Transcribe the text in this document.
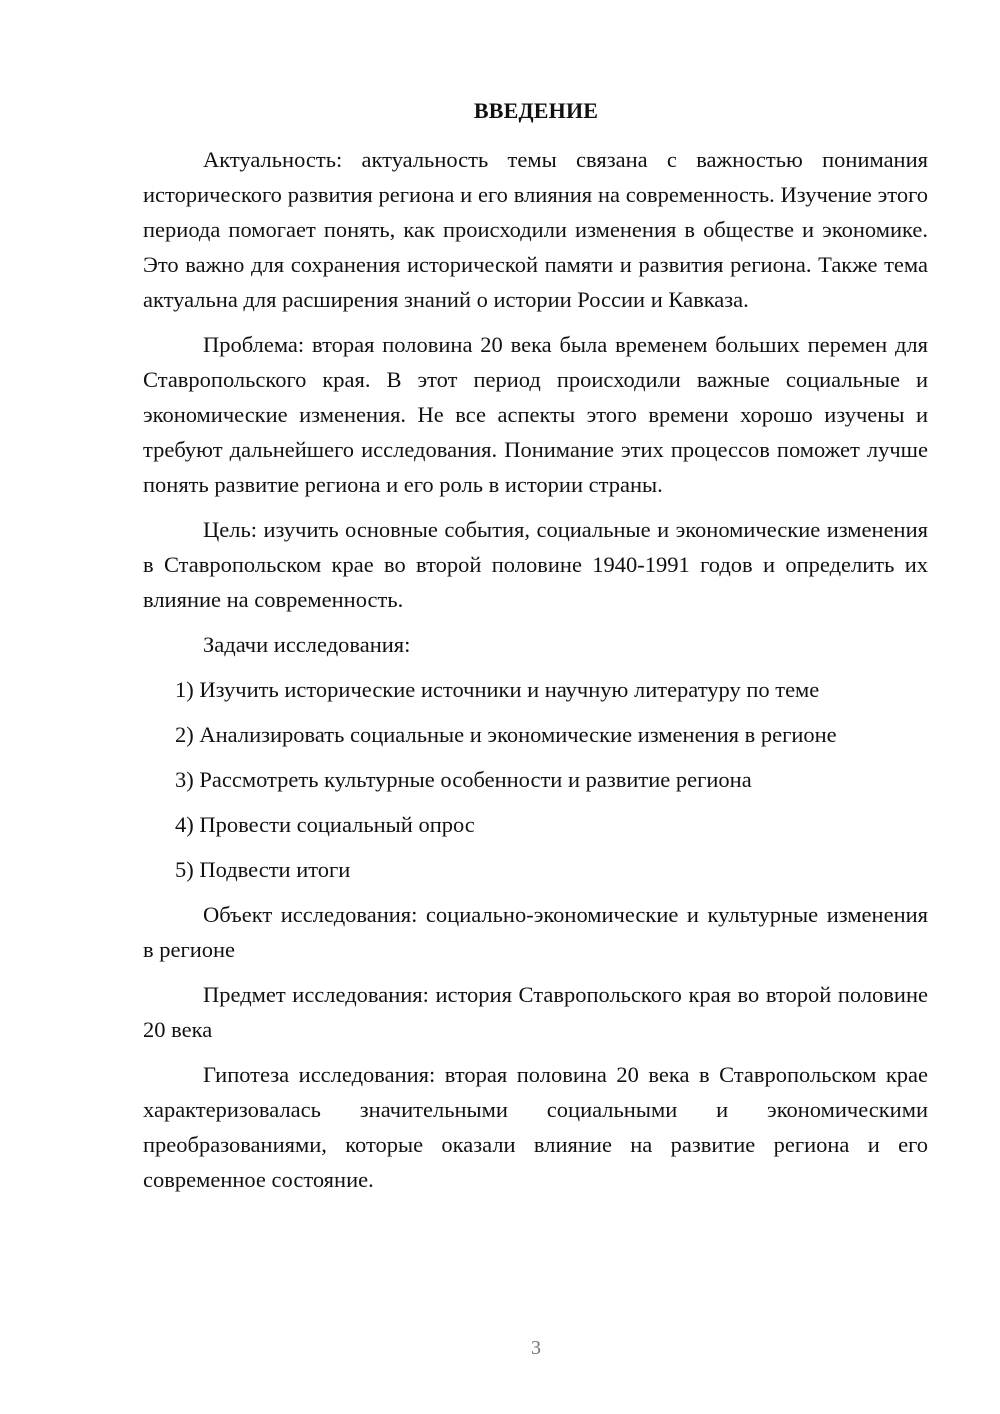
ВВЕДЕНИЕ

Актуальность: актуальность темы связана с важностью понимания исторического развития региона и его влияния на современность. Изучение этого периода помогает понять, как происходили изменения в обществе и экономике. Это важно для сохранения исторической памяти и развития региона. Также тема актуальна для расширения знаний о истории России и Кавказа.

Проблема: вторая половина 20 века была временем больших перемен для Ставропольского края. В этот период происходили важные социальные и экономические изменения. Не все аспекты этого времени хорошо изучены и требуют дальнейшего исследования. Понимание этих процессов поможет лучше понять развитие региона и его роль в истории страны.

Цель: изучить основные события, социальные и экономические изменения в Ставропольском крае во второй половине 1940-1991 годов и определить их влияние на современность.

Задачи исследования:

1) Изучить исторические источники и научную литературу по теме
2) Анализировать социальные и экономические изменения в регионе
3) Рассмотреть культурные особенности и развитие региона
4) Провести социальный опрос
5) Подвести итоги

Объект исследования: социально-экономические и культурные изменения в регионе

Предмет исследования: история Ставропольского края во второй половине 20 века

Гипотеза исследования: вторая половина 20 века в Ставропольском крае характеризовалась значительными социальными и экономическими преобразованиями, которые оказали влияние на развитие региона и его современное состояние.

3
